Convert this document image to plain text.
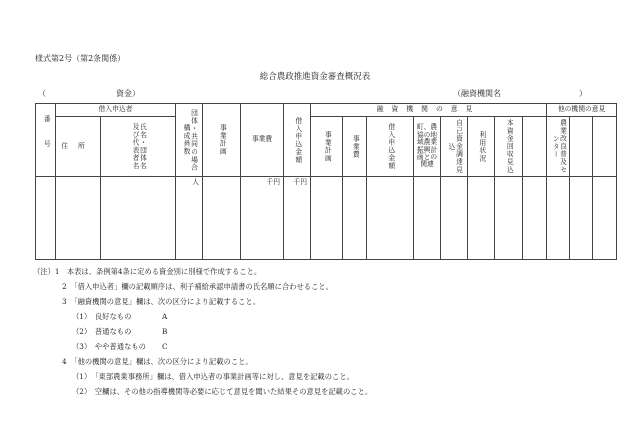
様式第2号（第2条関係）
総合農政推進資金審査概況表
（	資金）	（融資機関名	）
番号	借入申込者		団体・共同の場合構成員数	事業計画	事業費	借入申込金額	融資機関の意見								他の機関の意見			
	住所	氏名・団体名及び代表者名					事業計画	事業費	借入申込金額	町、農協の地域農業振興計画との関連	自己資金調達見込	利用状況	本資金回収見込		農業改良普及センター			

			人		千円	千円												

（注）1　本表は、条例第4条に定める資金別に別様で作成すること。
2　「借入申込者」欄の記載順序は、利子補給承認申請書の氏名順に合わせること。
3　「融資機関の意見」欄は、次の区分により記載すること。
（1）　良好なもの	A
（2）　普通なもの	B
（3）　やや普通なもの C
4　「他の機関の意見」欄は、次の区分により記載のこと。
（1）　「東部農業事務所」欄は、借入申込者の事業計画等に対し、意見を記載のこと。
（2）　空欄は、その他の指導機関等必要に応じて意見を聞いた結果その意見を記載のこと。
